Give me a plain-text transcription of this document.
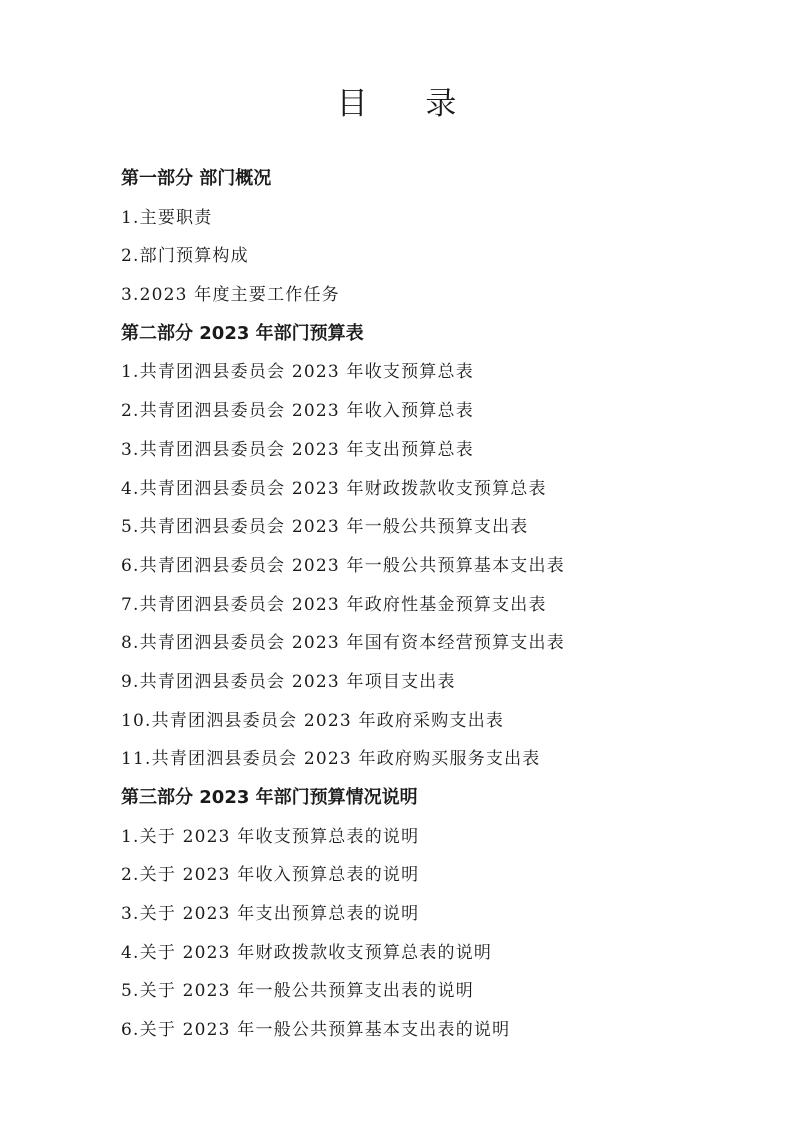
目 录
第一部分 部门概况
1.主要职责
2.部门预算构成
3.2023 年度主要工作任务
第二部分 2023 年部门预算表
1.共青团泗县委员会 2023 年收支预算总表
2.共青团泗县委员会 2023 年收入预算总表
3.共青团泗县委员会 2023 年支出预算总表
4.共青团泗县委员会 2023 年财政拨款收支预算总表
5.共青团泗县委员会 2023 年一般公共预算支出表
6.共青团泗县委员会 2023 年一般公共预算基本支出表
7.共青团泗县委员会 2023 年政府性基金预算支出表
8.共青团泗县委员会 2023 年国有资本经营预算支出表
9.共青团泗县委员会 2023 年项目支出表
10.共青团泗县委员会 2023 年政府采购支出表
11.共青团泗县委员会 2023 年政府购买服务支出表
第三部分 2023 年部门预算情况说明
1.关于 2023 年收支预算总表的说明
2.关于 2023 年收入预算总表的说明
3.关于 2023 年支出预算总表的说明
4.关于 2023 年财政拨款收支预算总表的说明
5.关于 2023 年一般公共预算支出表的说明
6.关于 2023 年一般公共预算基本支出表的说明
